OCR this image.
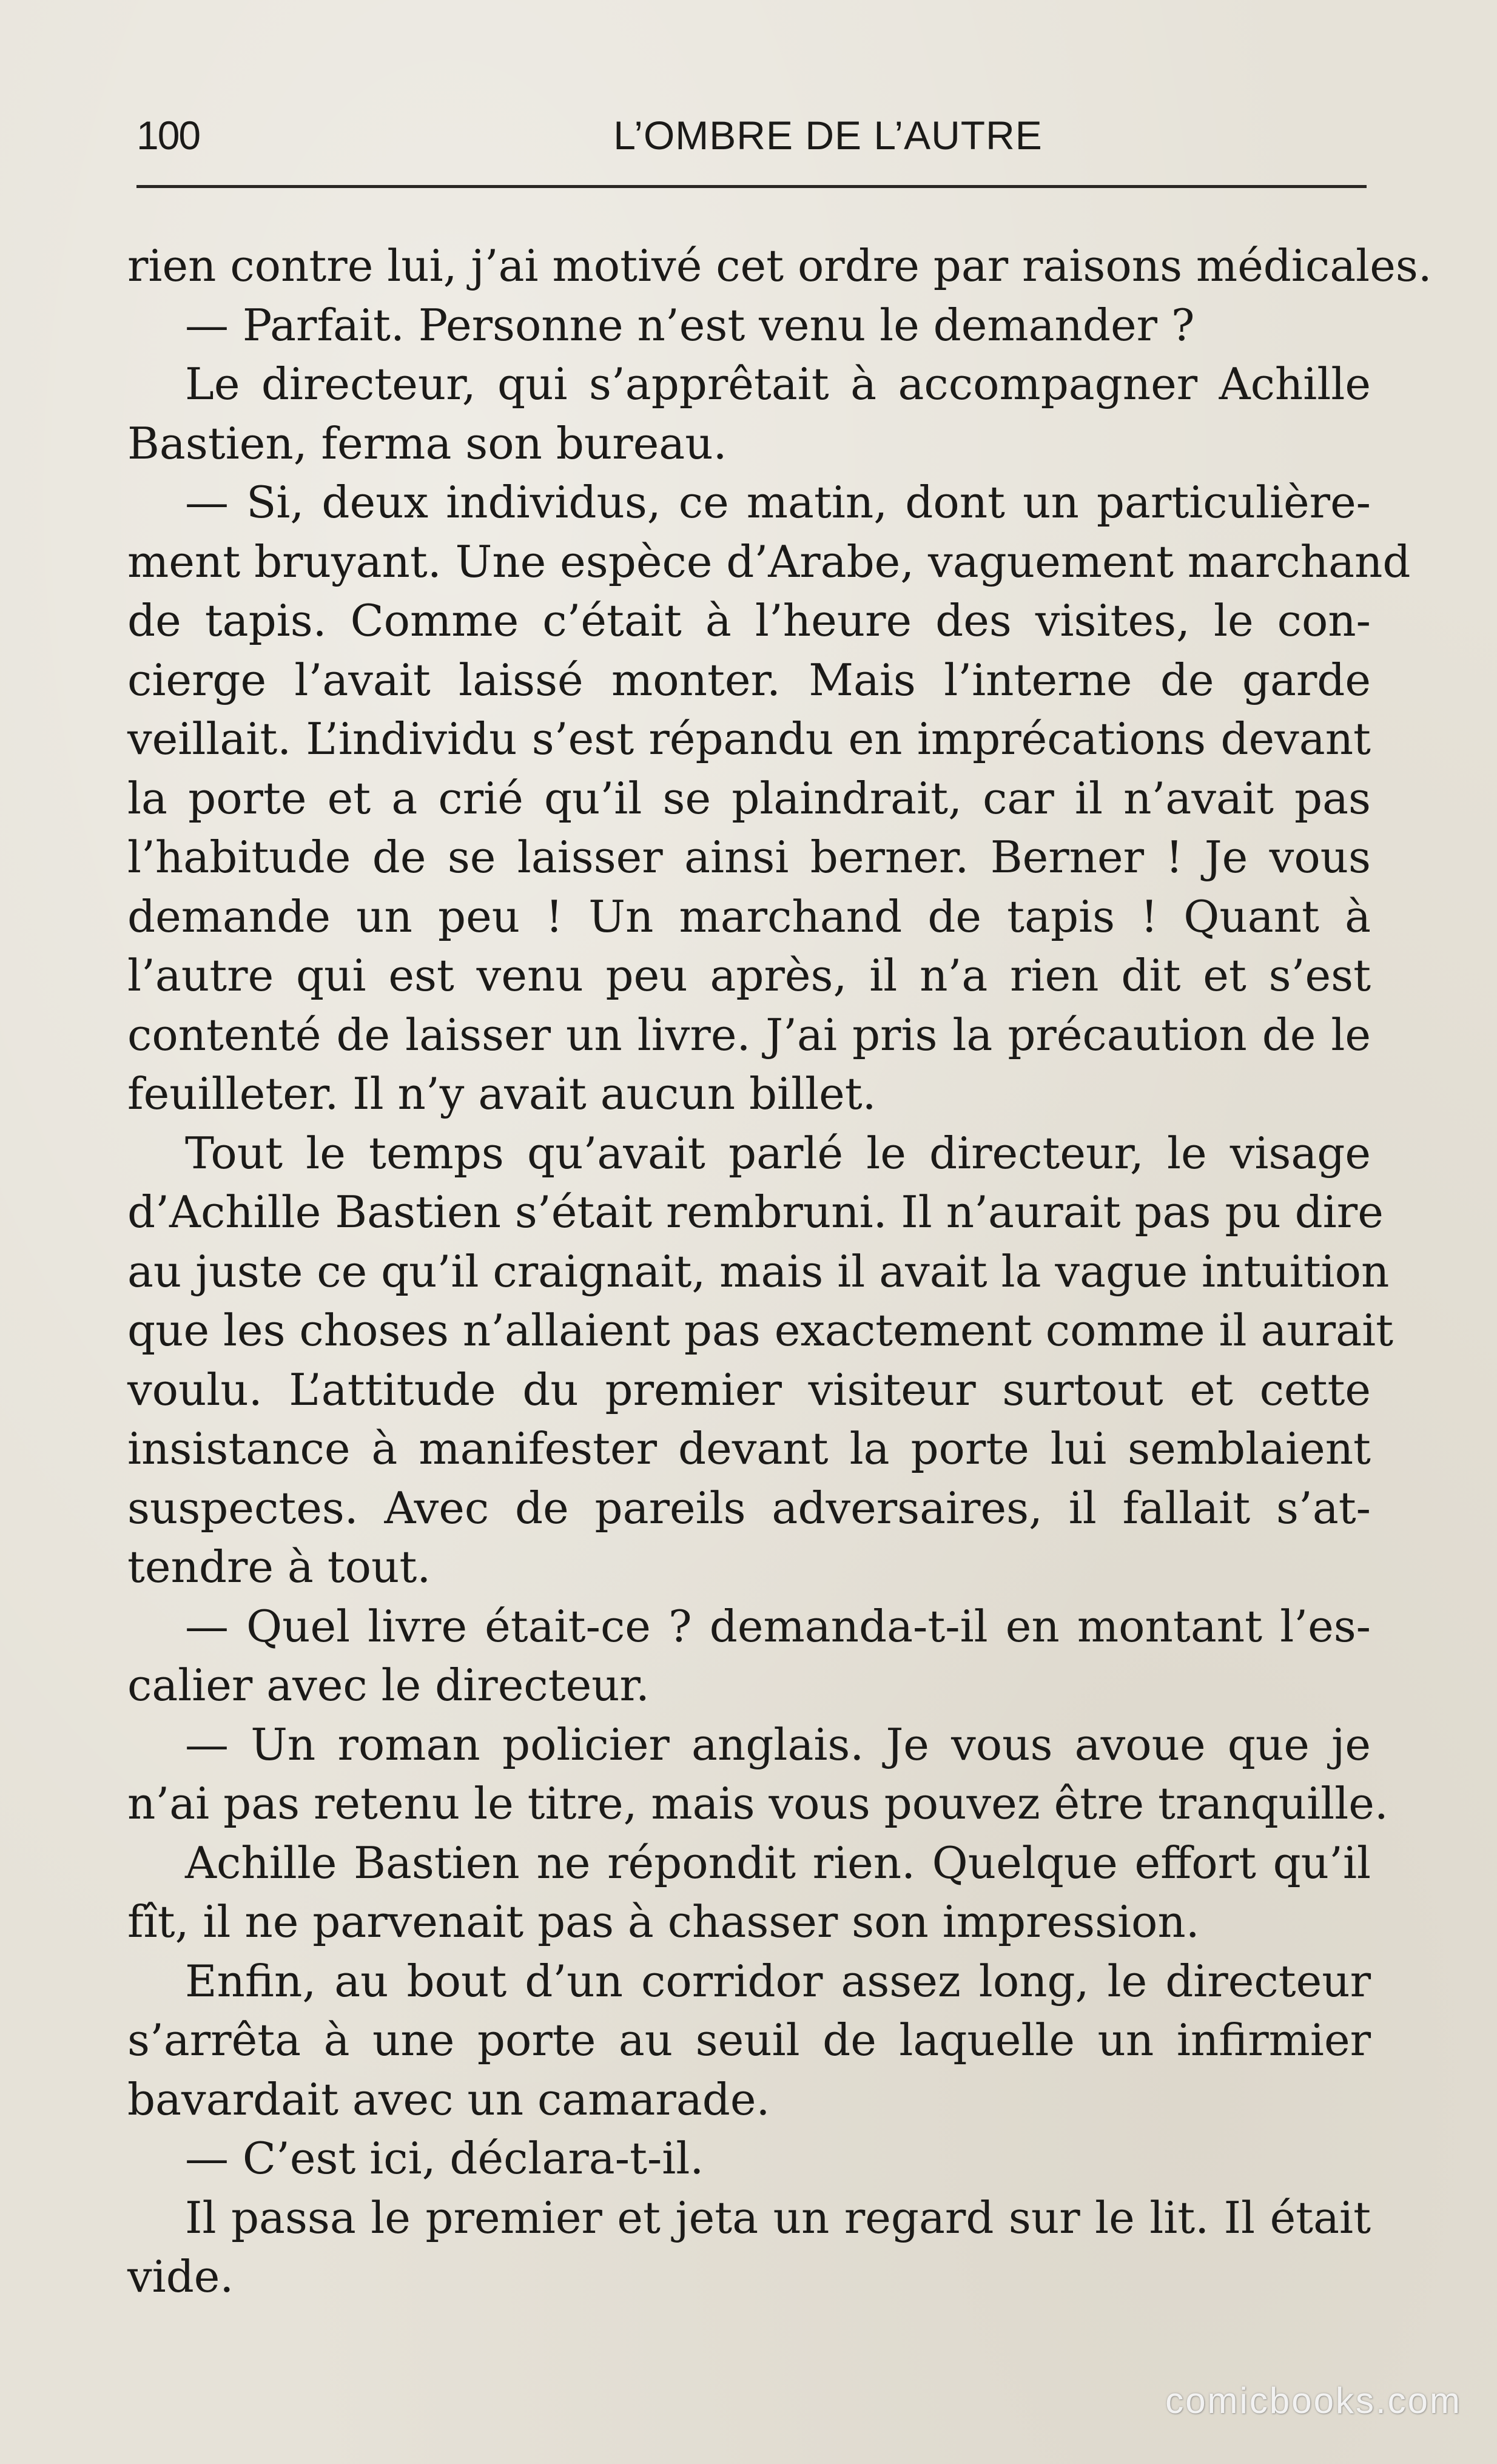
100	L’OMBRE DE L’AUTRE
rien contre lui, j’ai motivé cet ordre par raisons médicales.
— Parfait. Personne n’est venu le demander ?
Le directeur, qui s’apprêtait à accompagner Achille
Bastien, ferma son bureau.
— Si, deux individus, ce matin, dont un particulière-
ment bruyant. Une espèce d’Arabe, vaguement marchand
de tapis. Comme c’était à l’heure des visites, le con-
cierge l’avait laissé monter. Mais l’interne de garde
veillait. L’individu s’est répandu en imprécations devant
la porte et a crié qu’il se plaindrait, car il n’avait pas
l’habitude de se laisser ainsi berner. Berner ! Je vous
demande un peu ! Un marchand de tapis ! Quant à
l’autre qui est venu peu après, il n’a rien dit et s’est
contenté de laisser un livre. J’ai pris la précaution de le
feuilleter. Il n’y avait aucun billet.
Tout le temps qu’avait parlé le directeur, le visage
d’Achille Bastien s’était rembruni. Il n’aurait pas pu dire
au juste ce qu’il craignait, mais il avait la vague intuition
que les choses n’allaient pas exactement comme il aurait
voulu. L’attitude du premier visiteur surtout et cette
insistance à manifester devant la porte lui semblaient
suspectes. Avec de pareils adversaires, il fallait s’at-
tendre à tout.
— Quel livre était-ce ? demanda-t-il en montant l’es-
calier avec le directeur.
— Un roman policier anglais. Je vous avoue que je
n’ai pas retenu le titre, mais vous pouvez être tranquille.
Achille Bastien ne répondit rien. Quelque effort qu’il
fît, il ne parvenait pas à chasser son impression.
Enfin, au bout d’un corridor assez long, le directeur
s’arrêta à une porte au seuil de laquelle un infirmier
bavardait avec un camarade.
— C’est ici, déclara-t-il.
Il passa le premier et jeta un regard sur le lit. Il était
vide.
comicbooks.com
